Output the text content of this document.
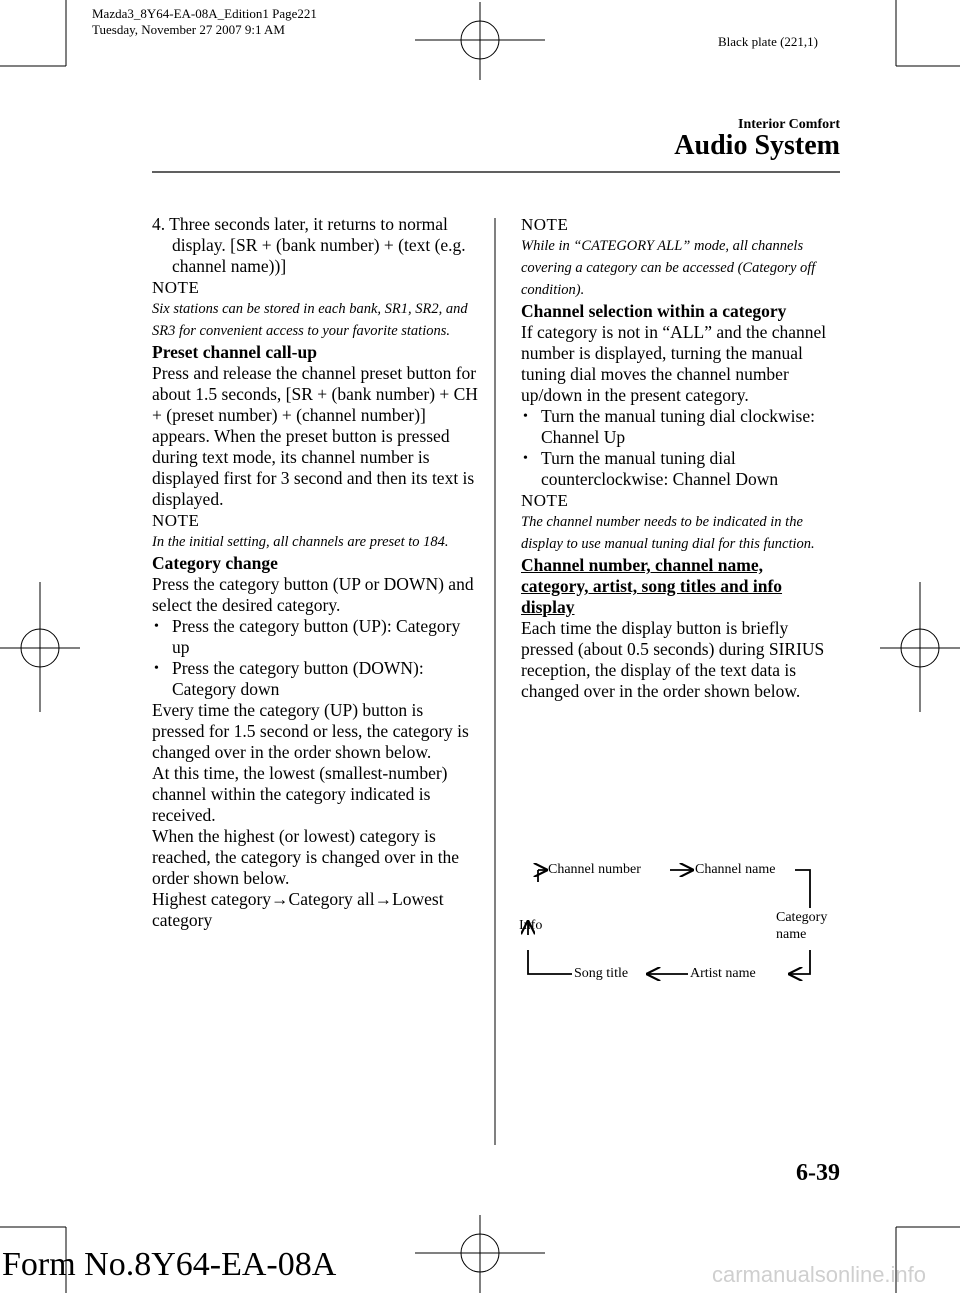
Mazda3_8Y64-EA-08A_Edition1 Page221
Tuesday, November 27 2007 9:1 AM
Black plate (221,1)
Interior Comfort
Audio System

4. Three seconds later, it returns to normal display. [SR + (bank number) + (text (e.g. channel name))]

NOTE

Six stations can be stored in each bank, SR1, SR2, and SR3 for convenient access to your favorite stations.

Preset channel call-up

Press and release the channel preset button for about 1.5 seconds, [SR + (bank number) + CH + (preset number) + (channel number)] appears. When the preset button is pressed during text mode, its channel number is displayed first for 3 second and then its text is displayed.

NOTE

In the initial setting, all channels are preset to 184.

Category change

Press the category button (UP or DOWN) and select the desired category.

• Press the category button (UP): Category up

• Press the category button (DOWN): Category down

Every time the category (UP) button is pressed for 1.5 second or less, the category is changed over in the order shown below.

At this time, the lowest (smallest-number) channel within the category indicated is received.

When the highest (or lowest) category is reached, the category is changed over in the order shown below.

Highest category→Category all→Lowest category

NOTE

While in “CATEGORY ALL” mode, all channels covering a category can be accessed (Category off condition).

Channel selection within a category

If category is not in “ALL” and the channel number is displayed, turning the manual tuning dial moves the channel number up/down in the present category.

• Turn the manual tuning dial clockwise: Channel Up

• Turn the manual tuning dial counterclockwise: Channel Down

NOTE

The channel number needs to be indicated in the display to use manual tuning dial for this function.

Channel number, channel name, category, artist, song titles and info display

Each time the display button is briefly pressed (about 0.5 seconds) during SIRIUS reception, the display of the text data is changed over in the order shown below.

Channel number	Channel name
Category name
Artist name
Song title
Info
6-39
Form No.8Y64-EA-08A	carmanualsonline.info
